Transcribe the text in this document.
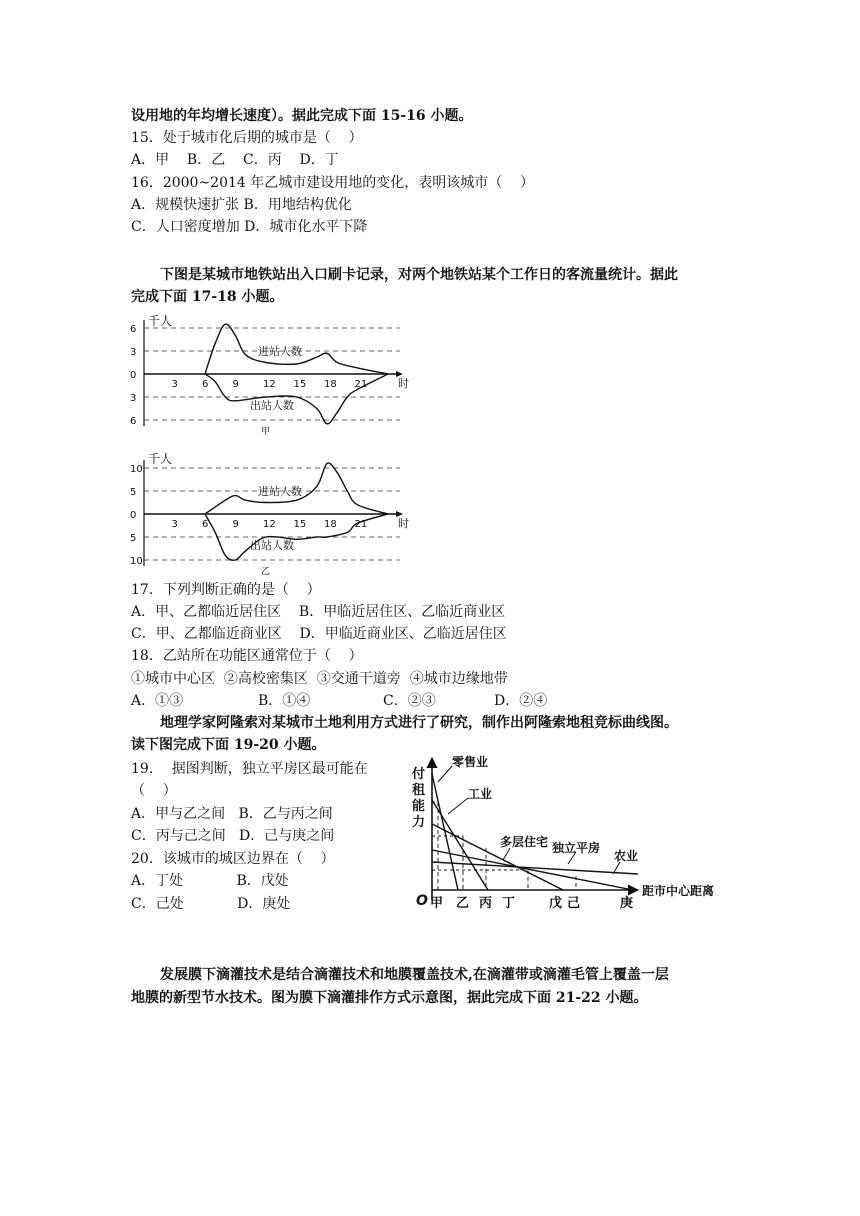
设用地的年均增长速度）。据此完成下面 15-16 小题。
15．处于城市化后期的城市是（    ）
A．甲    B．乙    C．丙    D．丁
16．2000~2014 年乙城市建设用地的变化，表明该城市（    ）
A．规模快速扩张 B．用地结构优化
C．人口密度增加 D．城市化水平下降
下图是某城市地铁站出入口刷卡记录，对两个地铁站某个工作日的客流量统计。据此
完成下面 17-18 小题。
千人
6
3
0
3
6
3 6 9 12 15 18 21	时
进站人数
出站人数
甲
千人
10
5
0
5
10
3 6 9 12 15 18 21	时
进站人数
出站人数
乙
17．下列判断正确的是（    ）
A．甲、乙都临近居住区    B．甲临近居住区、乙临近商业区
C．甲、乙都临近商业区    D．甲临近商业区、乙临近居住区
18．乙站所在功能区通常位于（    ）
①城市中心区  ②高校密集区  ③交通干道旁  ④城市边缘地带
A．①③	B．①④	C．②③	D．②④
地理学家阿隆索对某城市土地利用方式进行了研究，制作出阿隆索地租竞标曲线图。
读下图完成下面 19-20 小题。
19．  据图判断，独立平房区最可能在
（    ）
A．甲与乙之间   B．乙与丙之间
C．丙与己之间   D．己与庚之间
20．该城市的城区边界在（    ）
A．丁处            B．戊处
C．己处            D．庚处
付
租
能
力
距市中心距离
零售业
工业
多层住宅 独立平房
农业
O 甲 乙 丙 丁	戊 己	庚
发展膜下滴灌技术是结合滴灌技术和地膜覆盖技术,在滴灌带或滴灌毛管上覆盖一层
地膜的新型节水技术。图为膜下滴灌排作方式示意图，据此完成下面 21-22 小题。
